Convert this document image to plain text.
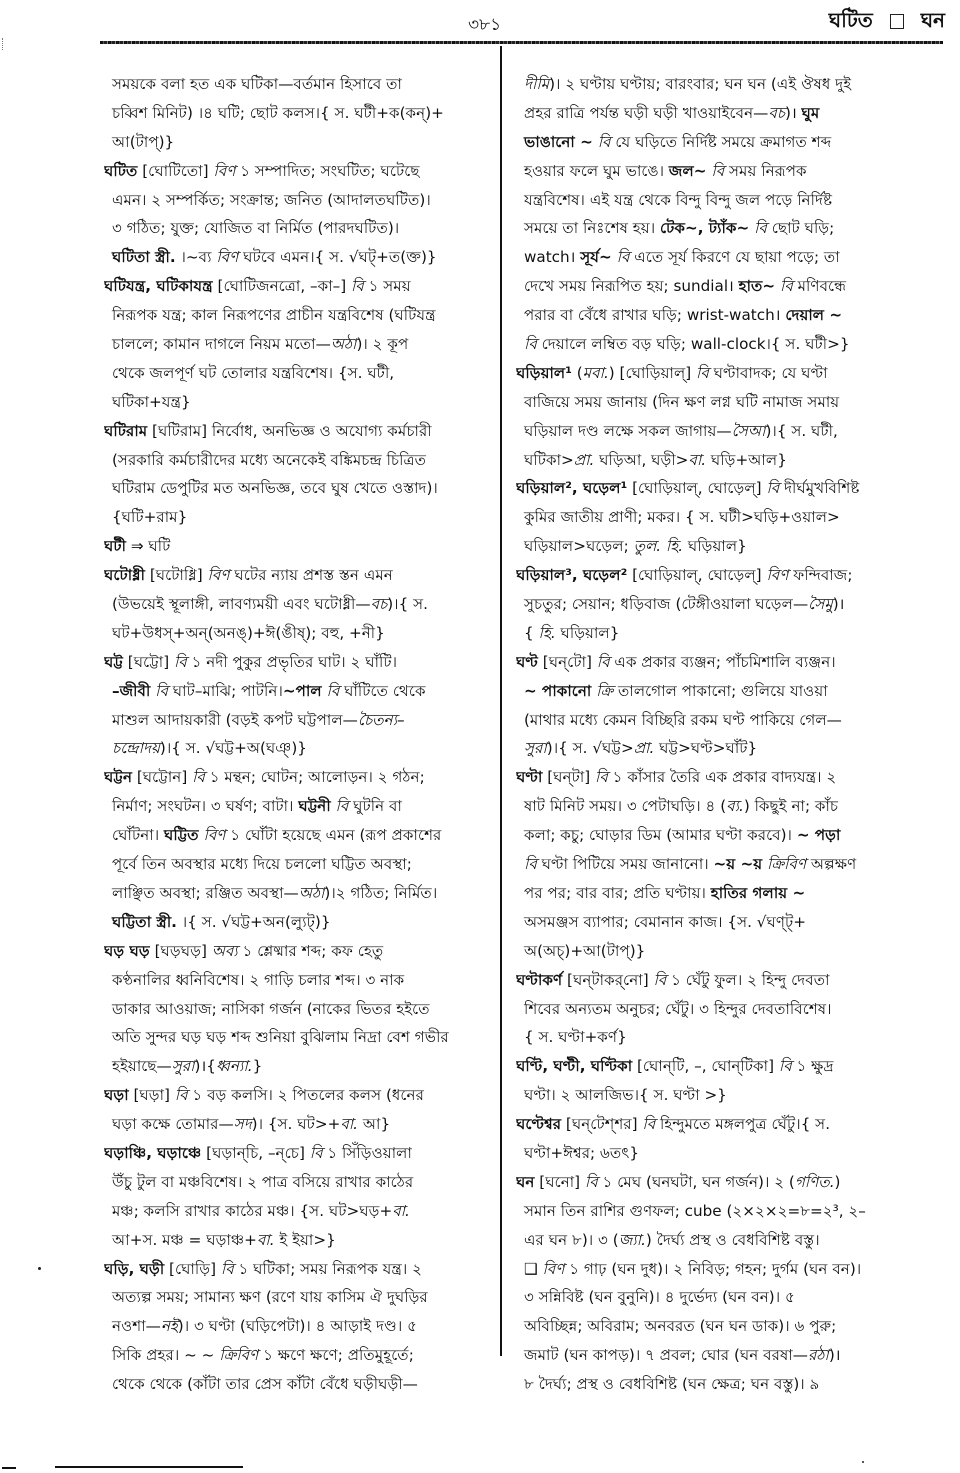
৩৮১	ঘটিত ঘন
সময়কে বলা হত এক ঘটিকা—বর্তমান হিসাবে তা
চব্বিশ মিনিট) ।৪ ঘটি; ছোট কলস।{ স. ঘটী+ক(কন্)+
আ(টাপ্)}
ঘটিত [ঘোটিতো] বিণ ১ সম্পাদিত; সংঘটিত; ঘটেছে
এমন। ২ সম্পর্কিত; সংক্রান্ত; জনিত (আদালতঘটিত)।
৩ গঠিত; যুক্ত; যোজিত বা নির্মিত (পারদঘটিত)।
ঘটিতা স্ত্রী. ।~ব্য বিণ ঘটবে এমন।{ স. √ঘট্+ত(ক্ত)}
ঘটিযন্ত্র, ঘটিকাযন্ত্র [ঘোটিজনত্রো, –কা–] বি ১ সময়
নিরূপক যন্ত্র; কাল নিরূপণের প্রাচীন যন্ত্রবিশেষ (ঘটিযন্ত্র
চাললে; কামান দাগলে নিয়ম মতো—অঠা)। ২ কূপ
থেকে জলপূর্ণ ঘট তোলার যন্ত্রবিশেষ। {স. ঘটী,
ঘটিকা+যন্ত্র}
ঘটিরাম [ঘটিরাম] নির্বোধ, অনভিজ্ঞ ও অযোগ্য কর্মচারী
(সরকারি কর্মচারীদের মধ্যে অনেকেই বঙ্কিমচন্দ্র চিত্রিত
ঘটিরাম ডেপুটির মত অনভিজ্ঞ, তবে ঘুষ খেতে ওস্তাদ)।
{ঘটি+রাম}
ঘটী ⇒ ঘটি
ঘটোধ্নী [ঘটোধ্নি] বিণ ঘটের ন্যায় প্রশস্ত স্তন এমন
(উভয়েই স্থূলাঙ্গী, লাবণ্যময়ী এবং ঘটোধ্নী—বচ)।{ স.
ঘট+উধস্+অন্(অনঙ্)+ঈ(ঙীষ্); বহু, +নী}
ঘট্ট [ঘট্টো] বি ১ নদী পুকুর প্রভৃতির ঘাট। ২ ঘাঁটি।
–জীবী বি ঘাট–মাঝি; পাটনি।~পাল বি ঘাঁটিতে থেকে
মাশুল আদায়কারী (বড়ই কপট ঘট্টপাল—চৈতন্য–
চন্দ্রোদয়)।{ স. √ঘট্ট+অ(ঘঞ্)}
ঘট্টন [ঘট্টোন] বি ১ মন্থন; ঘোটন; আলোড়ন। ২ গঠন;
নির্মাণ; সংঘটন। ৩ ঘর্ষণ; বাটা। ঘট্টনী বি ঘুটনি বা
ঘোঁটনা। ঘট্টিত বিণ ১ ঘোঁটা হয়েছে এমন (রূপ প্রকাশের
পূর্বে তিন অবস্থার মধ্যে দিয়ে চললো ঘট্টিত অবস্থা;
লাঞ্ছিত অবস্থা; রঞ্জিত অবস্থা—অঠা)।২ গঠিত; নির্মিত।
ঘট্টিতা স্ত্রী. ।{ স. √ঘট্ট+অন(ল্যুট্)}
ঘড় ঘড় [ঘড়ঘড়] অব্য ১ শ্লেষ্মার শব্দ; কফ হেতু
কণ্ঠনালির ধ্বনিবিশেষ। ২ গাড়ি চলার শব্দ। ৩ নাক
ডাকার আওয়াজ; নাসিকা গর্জন (নাকের ভিতর হইতে
অতি সুন্দর ঘড় ঘড় শব্দ শুনিয়া বুঝিলাম নিদ্রা বেশ গভীর
হইয়াছে—সুরা)।{ধ্বন্যা.}
ঘড়া [ঘড়া] বি ১ বড় কলসি। ২ পিতলের কলস (ধনের
ঘড়া কক্ষে তোমার—সদ)। {স. ঘট>+বা. আ}
ঘড়াঞ্চি, ঘড়াঞ্চে [ঘড়ান্‌চি, –ন্‌চে] বি ১ সিঁড়িওয়ালা
উঁচু টুল বা মঞ্চবিশেষ। ২ পাত্র বসিয়ে রাখার কাঠের
মঞ্চ; কলসি রাখার কাঠের মঞ্চ। {স. ঘট>ঘড়+বা.
আ+স. মঞ্চ = ঘড়াঞ্চ+বা. ই ইয়া>}
ঘড়ি, ঘড়ী [ঘোড়ি] বি ১ ঘটিকা; সময় নিরূপক যন্ত্র। ২
অত্যল্প সময়; সামান্য ক্ষণ (রণে যায় কাসিম ঐ দুঘড়ির
নওশা—নই)। ৩ ঘণ্টা (ঘড়িপেটা)। ৪ আড়াই দণ্ড। ৫
সিকি প্রহর। ~ ~ ক্রিবিণ ১ ক্ষণে ক্ষণে; প্রতিমুহূর্তে;
থেকে থেকে (কাঁটা তার প্রেস কাঁটা বেঁধে ঘড়ীঘড়ী—
দীমি)। ২ ঘণ্টায় ঘণ্টায়; বারংবার; ঘন ঘন (এই ঔষধ দুই
প্রহর রাত্রি পর্যন্ত ঘড়ী ঘড়ী খাওয়াইবেন—বচ)। ঘুম
ভাঙানো ~ বি যে ঘড়িতে নির্দিষ্ট সময়ে ক্রমাগত শব্দ
হওয়ার ফলে ঘুম ভাঙে। জল~ বি সময় নিরূপক
যন্ত্রবিশেষ। এই যন্ত্র থেকে বিন্দু বিন্দু জল পড়ে নির্দিষ্ট
সময়ে তা নিঃশেষ হয়। টেক~, ট্যাঁক~ বি ছোট ঘড়ি;
watch। সূর্য~ বি এতে সূর্য কিরণে যে ছায়া পড়ে; তা
দেখে সময় নিরূপিত হয়; sundial। হাত~ বি মণিবন্ধে
পরার বা বেঁধে রাখার ঘড়ি; wrist-watch। দেয়াল ~
বি দেয়ালে লম্বিত বড় ঘড়ি; wall-clock।{ স. ঘটী>}
ঘড়িয়াল¹ (মবা.) [ঘোড়িয়াল্] বি ঘণ্টাবাদক; যে ঘণ্টা
বাজিয়ে সময় জানায় (দিন ক্ষণ লগ্ন ঘটি নামাজ সমায়
ঘড়িয়াল দণ্ড লক্ষে সকল জাগায়—সৈআ)।{ স. ঘটী,
ঘটিকা>প্রা. ঘড়িআ, ঘড়ী>বা. ঘড়ি+আল}
ঘড়িয়াল², ঘড়েল¹ [ঘোড়িয়াল্, ঘোড়েল্] বি দীর্ঘমুখবিশিষ্ট
কুমির জাতীয় প্রাণী; মকর। { স. ঘটী>ঘড়ি+ওয়াল>
ঘড়িয়াল>ঘড়েল; তুল. হি. ঘড়িয়াল}
ঘড়িয়াল³, ঘড়েল² [ঘোড়িয়াল্, ঘোড়েল্] বিণ ফন্দিবাজ;
সুচতুর; সেয়ান; ধড়িবাজ (টেঙ্গীওয়ালা ঘড়েল—সৈমু)।
{ হি. ঘড়িয়াল}
ঘণ্ট [ঘন্‌টো] বি এক প্রকার ব্যঞ্জন; পাঁচমিশালি ব্যঞ্জন।
~ পাকানো ক্রি তালগোল পাকানো; গুলিয়ে যাওয়া
(মাথার মধ্যে কেমন বিচ্ছিরি রকম ঘণ্ট পাকিয়ে গেল—
সুরা)।{ স. √ঘট্ট>প্রা. ঘট্ট>ঘণ্ট>ঘাঁট}
ঘণ্টা [ঘন্‌টা] বি ১ কাঁসার তৈরি এক প্রকার বাদ্যযন্ত্র। ২
ষাট মিনিট সময়। ৩ পেটাঘড়ি। ৪ (ব্য.) কিছুই না; কাঁচ
কলা; কচু; ঘোড়ার ডিম (আমার ঘণ্টা করবে)। ~ পড়া
বি ঘণ্টা পিটিয়ে সময় জানানো। ~য় ~য় ক্রিবিণ অল্পক্ষণ
পর পর; বার বার; প্রতি ঘণ্টায়। হাতির গলায় ~
অসমঞ্জস ব্যাপার; বেমানান কাজ। {স. √ঘণ্ট্+
অ(অচ্)+আ(টাপ্)}
ঘণ্টাকর্ণ [ঘন্‌টাকর্‌নো] বি ১ ঘেঁটু ফুল। ২ হিন্দু দেবতা
শিবের অন্যতম অনুচর; ঘেঁটু। ৩ হিন্দুর দেবতাবিশেষ।
{ স. ঘণ্টা+কর্ণ}
ঘণ্টি, ঘণ্টী, ঘণ্টিকা [ঘোন্‌টি, –, ঘোন্‌টিকা] বি ১ ক্ষুদ্র
ঘণ্টা। ২ আলজিভ।{ স. ঘণ্টা >}
ঘণ্টেশ্বর [ঘন্‌টেশ্‌শর] বি হিন্দুমতে মঙ্গলপুত্র ঘেঁটু।{ স.
ঘণ্টা+ঈশ্বর; ৬তৎ}
ঘন [ঘনো] বি ১ মেঘ (ঘনঘটা, ঘন গর্জন)। ২ (গণিত.)
সমান তিন রাশির গুণফল; cube (২×২×২=৮=২³, ২–
এর ঘন ৮)। ৩ (জ্যা.) দৈর্ঘ্য প্রস্থ ও বেধবিশিষ্ট বস্তু।
❑ বিণ ১ গাঢ় (ঘন দুধ)। ২ নিবিড়; গহন; দুর্গম (ঘন বন)।
৩ সন্নিবিষ্ট (ঘন বুনুনি)। ৪ দুর্ভেদ্য (ঘন বন)। ৫
অবিচ্ছিন্ন; অবিরাম; অনবরত (ঘন ঘন ডাক)। ৬ পুরু;
জমাট (ঘন কাপড়)। ৭ প্রবল; ঘোর (ঘন বরষা—রঠা)।
৮ দৈর্ঘ্য; প্রস্থ ও বেধবিশিষ্ট (ঘন ক্ষেত্র; ঘন বস্তু)। ৯
